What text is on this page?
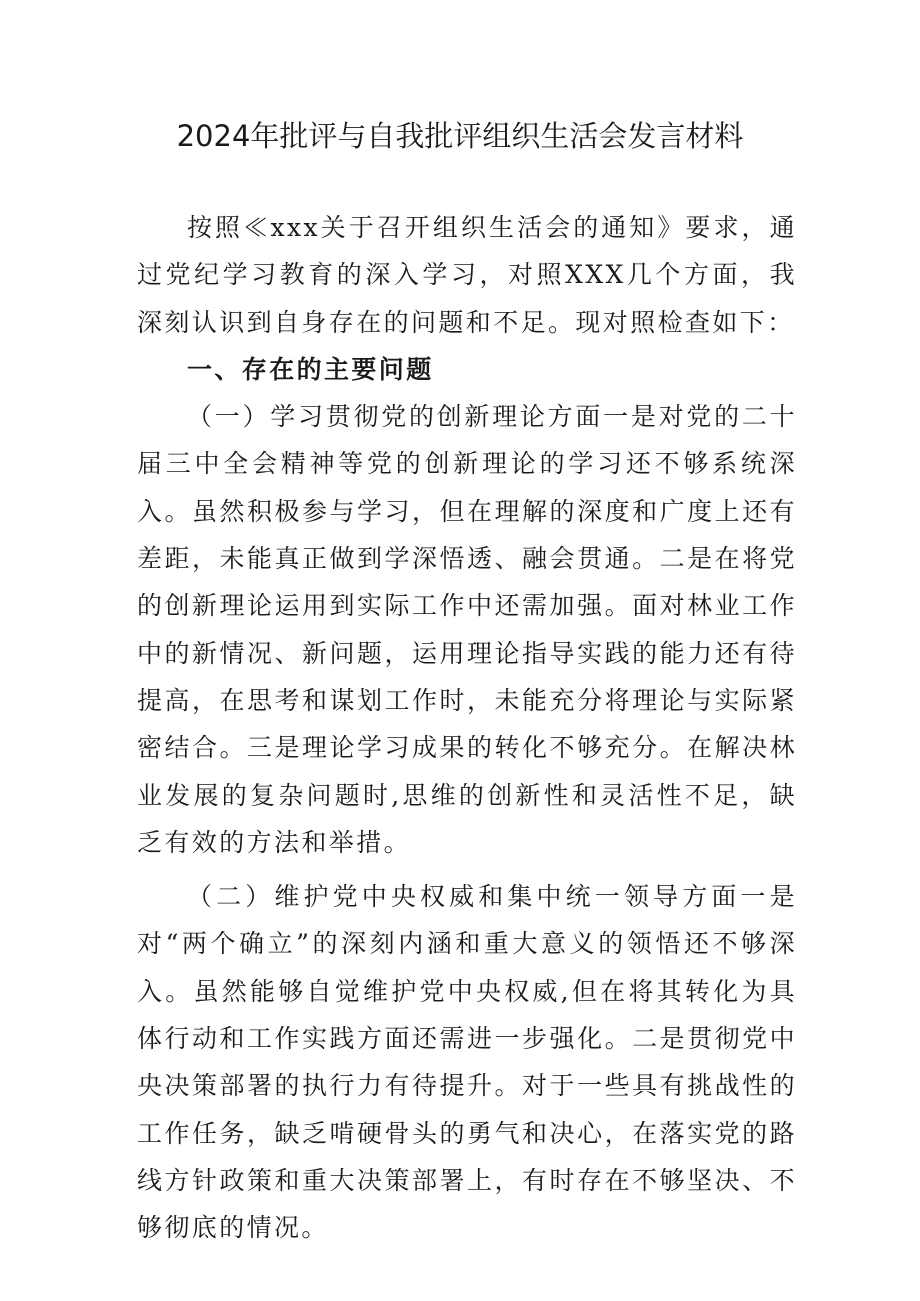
2024年批评与自我批评组织生活会发言材料

按照≪xxx关于召开组织生活会的通知》要求，通过党纪学习教育的深入学习，对照XXX几个方面，我深刻认识到自身存在的问题和不足。现对照检查如下：

一、存在的主要问题

（一）学习贯彻党的创新理论方面一是对党的二十届三中全会精神等党的创新理论的学习还不够系统深入。虽然积极参与学习，但在理解的深度和广度上还有差距，未能真正做到学深悟透、融会贯通。二是在将党的创新理论运用到实际工作中还需加强。面对林业工作中的新情况、新问题，运用理论指导实践的能力还有待提高，在思考和谋划工作时，未能充分将理论与实际紧密结合。三是理论学习成果的转化不够充分。在解决林业发展的复杂问题时,思维的创新性和灵活性不足，缺乏有效的方法和举措。

（二）维护党中央权威和集中统一领导方面一是对“两个确立”的深刻内涵和重大意义的领悟还不够深入。虽然能够自觉维护党中央权威,但在将其转化为具体行动和工作实践方面还需进一步强化。二是贯彻党中央决策部署的执行力有待提升。对于一些具有挑战性的工作任务，缺乏啃硬骨头的勇气和决心，在落实党的路线方针政策和重大决策部署上，有时存在不够坚决、不够彻底的情况。
